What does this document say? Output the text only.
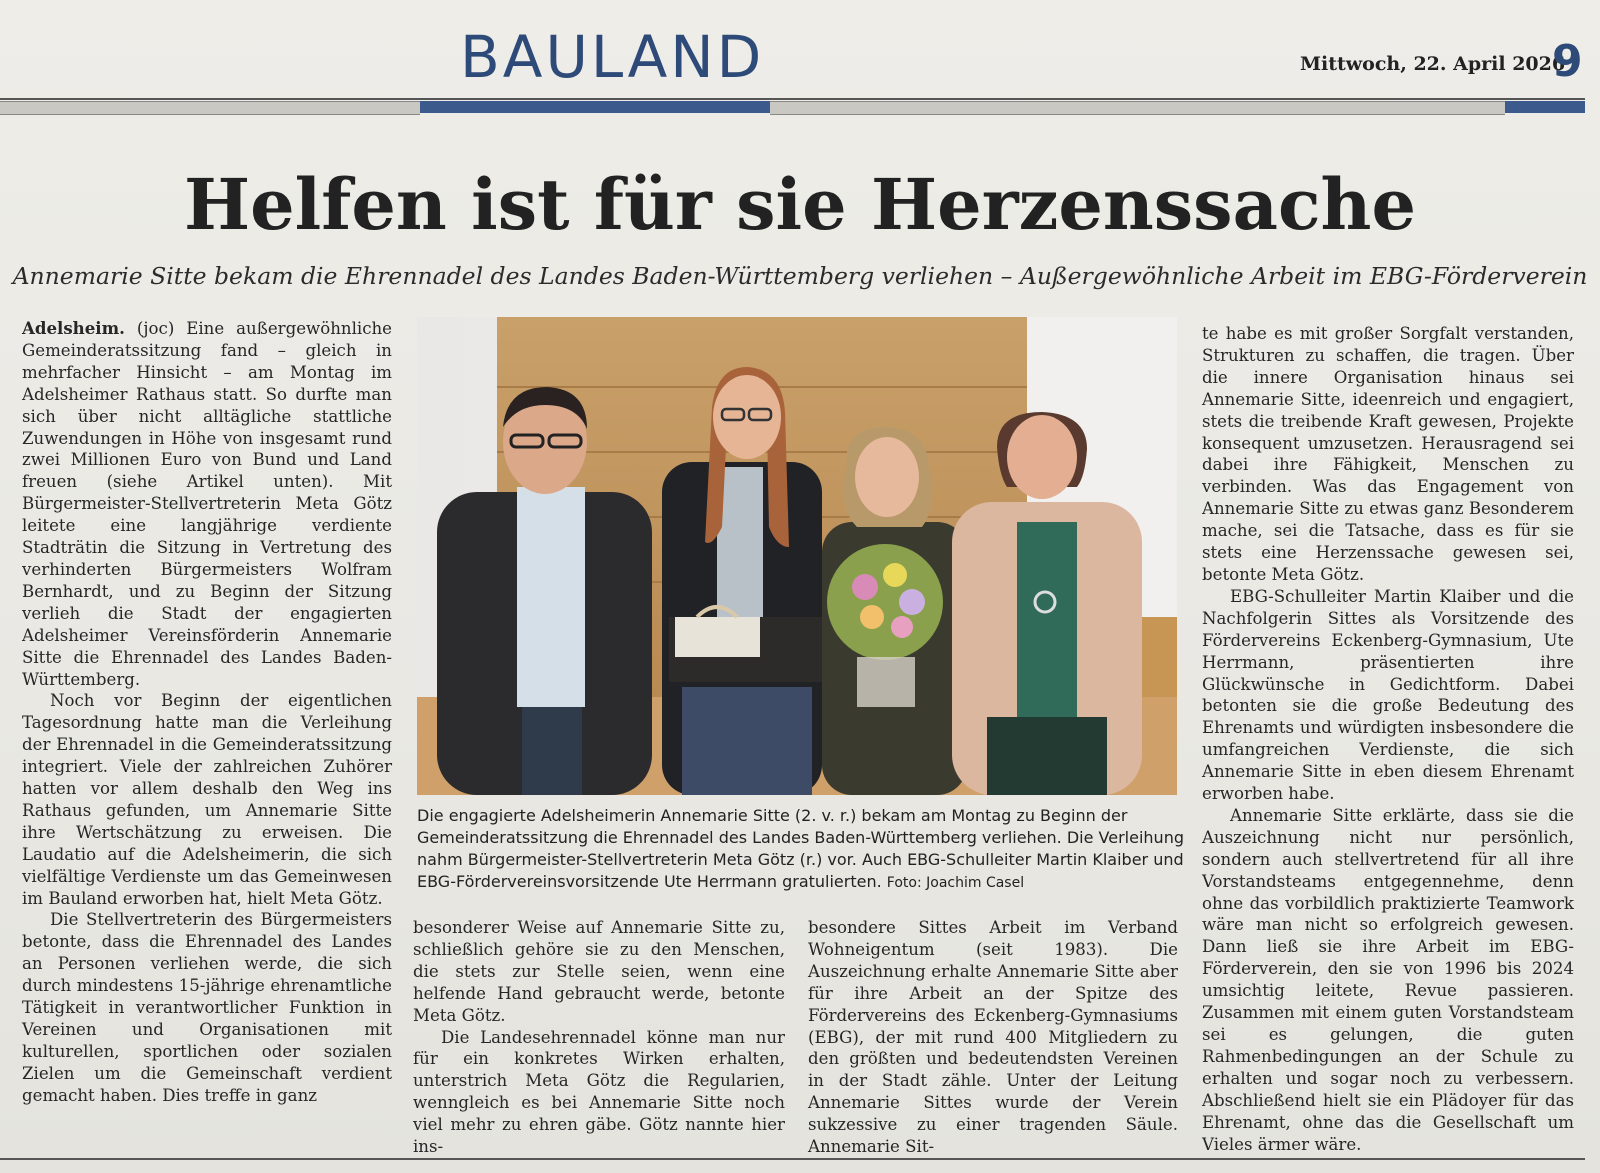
BAULAND	Mittwoch, 22. April 2026
9
Helfen ist für sie Herzenssache

Annemarie Sitte bekam die Ehrennadel des Landes Baden-Württemberg verliehen – Außergewöhnliche Arbeit im EBG-Förderverein

Adelsheim. (joc) Eine außergewöhnliche Gemeinderatssitzung fand – gleich in mehrfacher Hinsicht – am Montag im Adelsheimer Rathaus statt. So durfte man sich über nicht alltägliche stattliche Zuwendungen in Höhe von insgesamt rund zwei Millionen Euro von Bund und Land freuen (siehe Artikel unten). Mit Bürgermeister-Stellvertreterin Meta Götz leitete eine langjährige verdiente Stadträtin die Sitzung in Vertretung des verhinderten Bürgermeisters Wolfram Bernhardt, und zu Beginn der Sitzung verlieh die Stadt der engagierten Adelsheimer Vereinsförderin Annemarie Sitte die Ehrennadel des Landes Baden-Württemberg.

Noch vor Beginn der eigentlichen Tagesordnung hatte man die Verleihung der Ehrennadel in die Gemeinderatssitzung integriert. Viele der zahlreichen Zuhörer hatten vor allem deshalb den Weg ins Rathaus gefunden, um Annemarie Sitte ihre Wertschätzung zu erweisen. Die Laudatio auf die Adelsheimerin, die sich vielfältige Verdienste um das Gemeinwesen im Bauland erworben hat, hielt Meta Götz.

Die Stellvertreterin des Bürgermeisters betonte, dass die Ehrennadel des Landes an Personen verliehen werde, die sich durch mindestens 15-jährige ehrenamtliche Tätigkeit in verantwortlicher Funktion in Vereinen und Organisationen mit kulturellen, sportlichen oder sozialen Zielen um die Gemeinschaft verdient gemacht haben. Dies treffe in ganz

Die engagierte Adelsheimerin Annemarie Sitte (2. v. r.) bekam am Montag zu Beginn der Gemeinderatssitzung die Ehrennadel des Landes Baden-Württemberg verliehen. Die Verleihung nahm Bürgermeister-Stellvertreterin Meta Götz (r.) vor. Auch EBG-Schulleiter Martin Klaiber und EBG-Fördervereinsvorsitzende Ute Herrmann gratulierten. Foto: Joachim Casel

besonderer Weise auf Annemarie Sitte zu, schließlich gehöre sie zu den Menschen, die stets zur Stelle seien, wenn eine helfende Hand gebraucht werde, betonte Meta Götz.

Die Landesehrennadel könne man nur für ein konkretes Wirken erhalten, unterstrich Meta Götz die Regularien, wenngleich es bei Annemarie Sitte noch viel mehr zu ehren gäbe. Götz nannte hier ins-

besondere Sittes Arbeit im Verband Wohneigentum (seit 1983). Die Auszeichnung erhalte Annemarie Sitte aber für ihre Arbeit an der Spitze des Fördervereins des Eckenberg-Gymnasiums (EBG), der mit rund 400 Mitgliedern zu den größten und bedeutendsten Vereinen in der Stadt zähle. Unter der Leitung Annemarie Sittes wurde der Verein sukzessive zu einer tragenden Säule. Annemarie Sit-

te habe es mit großer Sorgfalt verstanden, Strukturen zu schaffen, die tragen. Über die innere Organisation hinaus sei Annemarie Sitte, ideenreich und engagiert, stets die treibende Kraft gewesen, Projekte konsequent umzusetzen. Herausragend sei dabei ihre Fähigkeit, Menschen zu verbinden. Was das Engagement von Annemarie Sitte zu etwas ganz Besonderem mache, sei die Tatsache, dass es für sie stets eine Herzenssache gewesen sei, betonte Meta Götz.

EBG-Schulleiter Martin Klaiber und die Nachfolgerin Sittes als Vorsitzende des Fördervereins Eckenberg-Gymnasium, Ute Herrmann, präsentierten ihre Glückwünsche in Gedichtform. Dabei betonten sie die große Bedeutung des Ehrenamts und würdigten insbesondere die umfangreichen Verdienste, die sich Annemarie Sitte in eben diesem Ehrenamt erworben habe.

Annemarie Sitte erklärte, dass sie die Auszeichnung nicht nur persönlich, sondern auch stellvertretend für all ihre Vorstandsteams entgegennehme, denn ohne das vorbildlich praktizierte Teamwork wäre man nicht so erfolgreich gewesen. Dann ließ sie ihre Arbeit im EBG-Förderverein, den sie von 1996 bis 2024 umsichtig leitete, Revue passieren. Zusammen mit einem guten Vorstandsteam sei es gelungen, die guten Rahmenbedingungen an der Schule zu erhalten und sogar noch zu verbessern. Abschließend hielt sie ein Plädoyer für das Ehrenamt, ohne das die Gesellschaft um Vieles ärmer wäre.
